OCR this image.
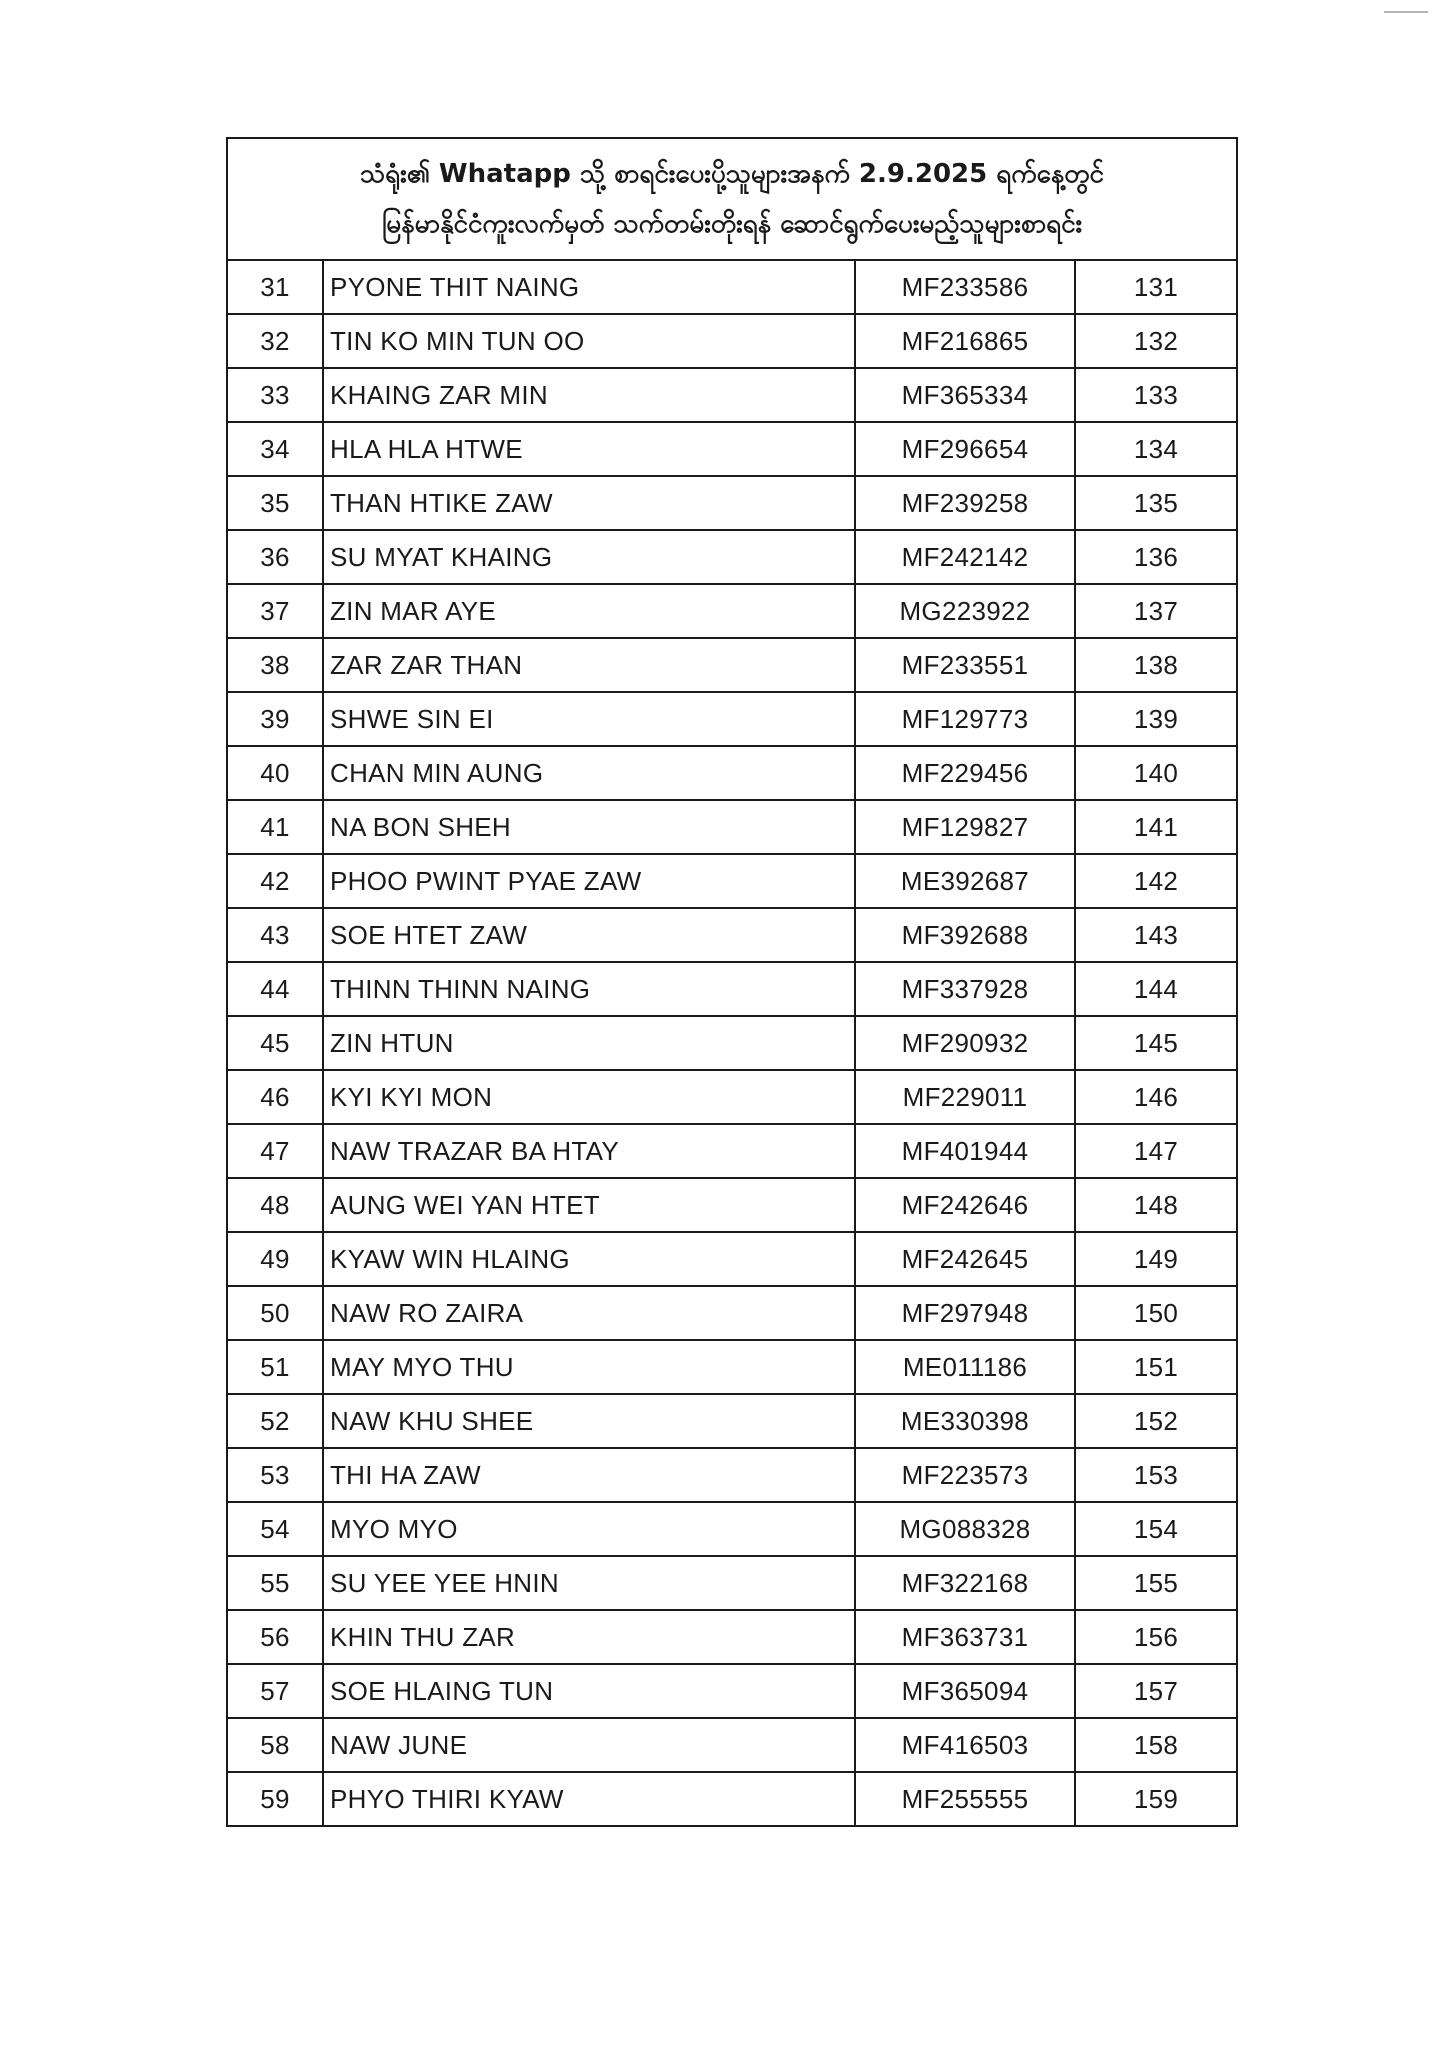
သံရုံး၏ Whatapp သို့ စာရင်းပေးပို့သူများအနက် 2.9.2025 ရက်နေ့တွင်
မြန်မာနိုင်ငံကူးလက်မှတ် သက်တမ်းတိုးရန် ဆောင်ရွက်ပေးမည့်သူများစာရင်း
31	PYONE THIT NAING	MF233586	131
32	TIN KO MIN TUN OO	MF216865	132
33	KHAING ZAR MIN	MF365334	133
34	HLA HLA HTWE	MF296654	134
35	THAN HTIKE ZAW	MF239258	135
36	SU MYAT KHAING	MF242142	136
37	ZIN MAR AYE	MG223922	137
38	ZAR ZAR THAN	MF233551	138
39	SHWE SIN EI	MF129773	139
40	CHAN MIN AUNG	MF229456	140
41	NA BON SHEH	MF129827	141
42	PHOO PWINT PYAE ZAW	ME392687	142
43	SOE HTET ZAW	MF392688	143
44	THINN THINN NAING	MF337928	144
45	ZIN HTUN	MF290932	145
46	KYI KYI MON	MF229011	146
47	NAW TRAZAR BA HTAY	MF401944	147
48	AUNG WEI YAN HTET	MF242646	148
49	KYAW WIN HLAING	MF242645	149
50	NAW RO ZAIRA	MF297948	150
51	MAY MYO THU	ME011186	151
52	NAW KHU SHEE	ME330398	152
53	THI HA ZAW	MF223573	153
54	MYO MYO	MG088328	154
55	SU YEE YEE HNIN	MF322168	155
56	KHIN THU ZAR	MF363731	156
57	SOE HLAING TUN	MF365094	157
58	NAW JUNE	MF416503	158
59	PHYO THIRI KYAW	MF255555	159
